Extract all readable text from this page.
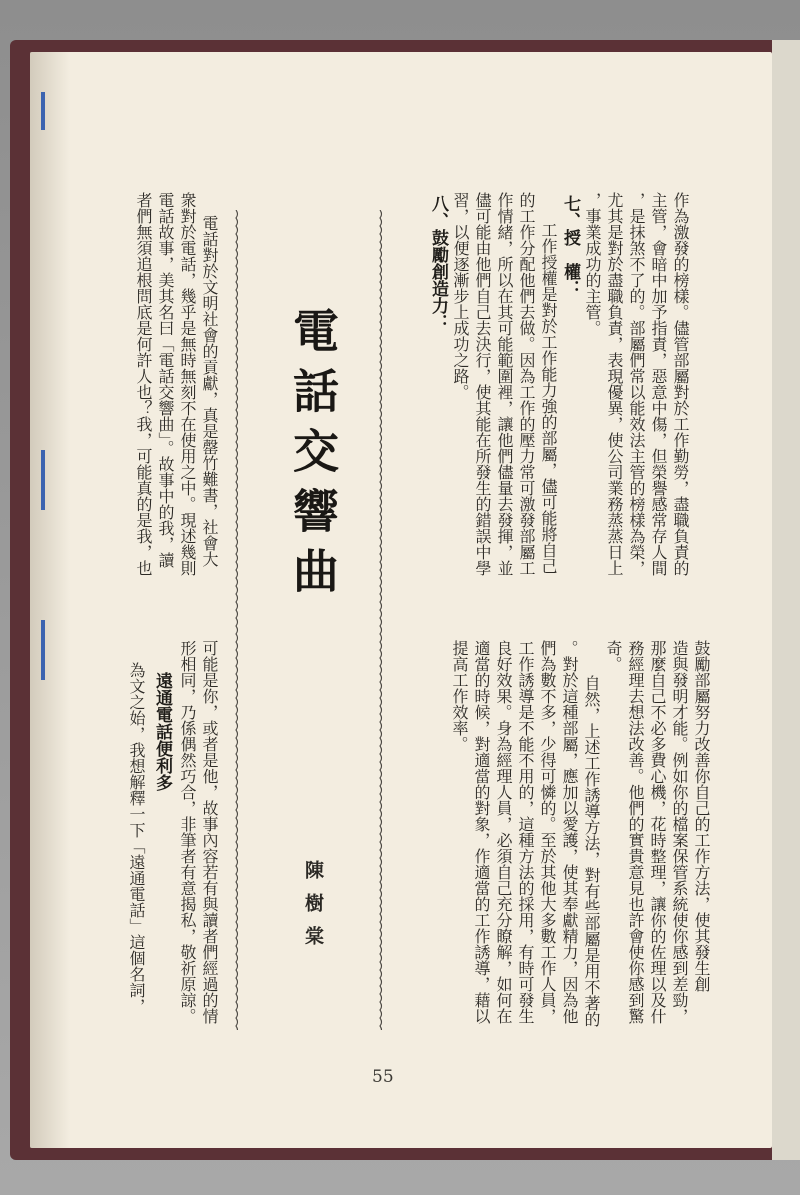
作為激發的榜樣。儘管部屬對於工作勤勞，盡職負責的
主管，會暗中加予指責，惡意中傷，但榮譽感常存人間
，是抹煞不了的。部屬們常以能效法主管的榜樣為榮，
尤其是對於盡職負責，表現優異，使公司業務蒸蒸日上
，事業成功的主管。
七、授　權：
工作授權是對於工作能力強的部屬，儘可能將自己
的工作分配他們去做。因為工作的壓力常可激發部屬工
作情緒，所以在其可能範圍裡，讓他們儘量去發揮，並
儘可能由他們自己去決行，使其能在所發生的錯誤中學
習，以便逐漸步上成功之路。
八、鼓勵創造力：
鼓勵部屬努力改善你自己的工作方法，使其發生創
造與發明才能。例如你的檔案保管系統使你感到差勁，
那麼自己不必多費心機，花時整理，讓你的佐理以及什
務經理去想法改善。他們的實貴意見也許會使你感到驚
奇。
自然，上述工作誘導方法，對有些部屬是用不著的
。對於這種部屬，應加以愛護，使其奉獻精力，因為他
們為數不多，少得可憐的。至於其他大多數工作人員，
工作誘導是不能不用的，這種方法的採用，有時可發生
良好效果。身為經理人員，必須自己充分瞭解，如何在
適當的時候，對適當的對象，作適當的工作誘導，藉以
提高工作效率。
電話交響曲
陳樹棠
電話對於文明社會的貢獻，真是罄竹難書，社會大
衆對於電話，幾乎是無時無刻不在使用之中。現述幾則
電話故事，美其名曰「電話交響曲」。故事中的我，讀
者們無須追根問底是何許人也？我，可能真的是我，也
可能是你，或者是他，故事內容若有與讀者們經過的情
形相同，乃係偶然巧合，非筆者有意揭私，敬祈原諒。
遠通電話便利多
為文之始，我想解釋一下「遠通電話」這個名詞，
55
